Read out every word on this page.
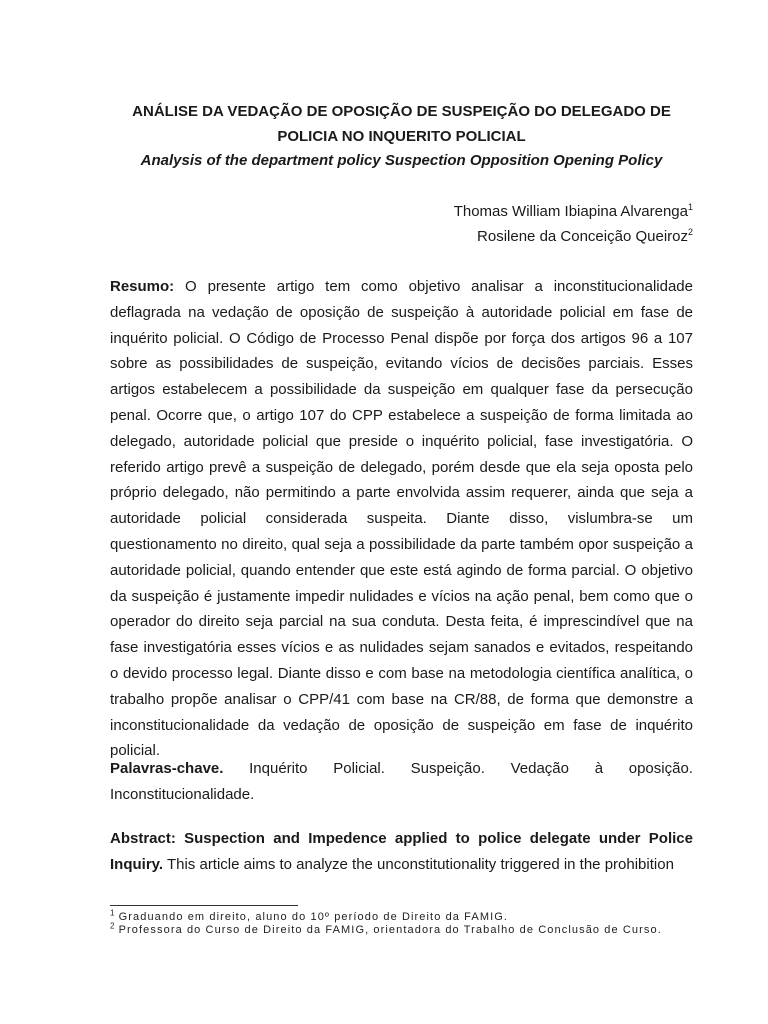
ANÁLISE DA VEDAÇÃO DE OPOSIÇÃO DE SUSPEIÇÃO DO DELEGADO DE
POLICIA NO INQUERITO POLICIAL
Analysis of the department policy Suspection Opposition Opening Policy
Thomas William Ibiapina Alvarenga$^1$
Rosilene da Conceição Queiroz$^2$
Resumo: O presente artigo tem como objetivo analisar a inconstitucionalidade deflagrada na vedação de oposição de suspeição à autoridade policial em fase de inquérito policial. O Código de Processo Penal dispõe por força dos artigos 96 a 107 sobre as possibilidades de suspeição, evitando vícios de decisões parciais. Esses artigos estabelecem a possibilidade da suspeição em qualquer fase da persecução penal. Ocorre que, o artigo 107 do CPP estabelece a suspeição de forma limitada ao delegado, autoridade policial que preside o inquérito policial, fase investigatória. O referido artigo prevê a suspeição de delegado, porém desde que ela seja oposta pelo próprio delegado, não permitindo a parte envolvida assim requerer, ainda que seja a autoridade policial considerada suspeita. Diante disso, vislumbra-se um questionamento no direito, qual seja a possibilidade da parte também opor suspeição a autoridade policial, quando entender que este está agindo de forma parcial. O objetivo da suspeição é justamente impedir nulidades e vícios na ação penal, bem como que o operador do direito seja parcial na sua conduta. Desta feita, é imprescindível que na fase investigatória esses vícios e as nulidades sejam sanados e evitados, respeitando o devido processo legal. Diante disso e com base na metodologia científica analítica, o trabalho propõe analisar o CPP/41 com base na CR/88, de forma que demonstre a inconstitucionalidade da vedação de oposição de suspeição em fase de inquérito policial.
Palavras-chave. Inquérito Policial. Suspeição. Vedação à oposição.
Inconstitucionalidade.
Abstract: Suspection and Impedence applied to police delegate under Police Inquiry. This article aims to analyze the unconstitutionality triggered in the prohibition
$^1$ Graduando em direito, aluno do 10º período de Direito da FAMIG.
$^2$ Professora do Curso de Direito da FAMIG, orientadora do Trabalho de Conclusão de Curso.
